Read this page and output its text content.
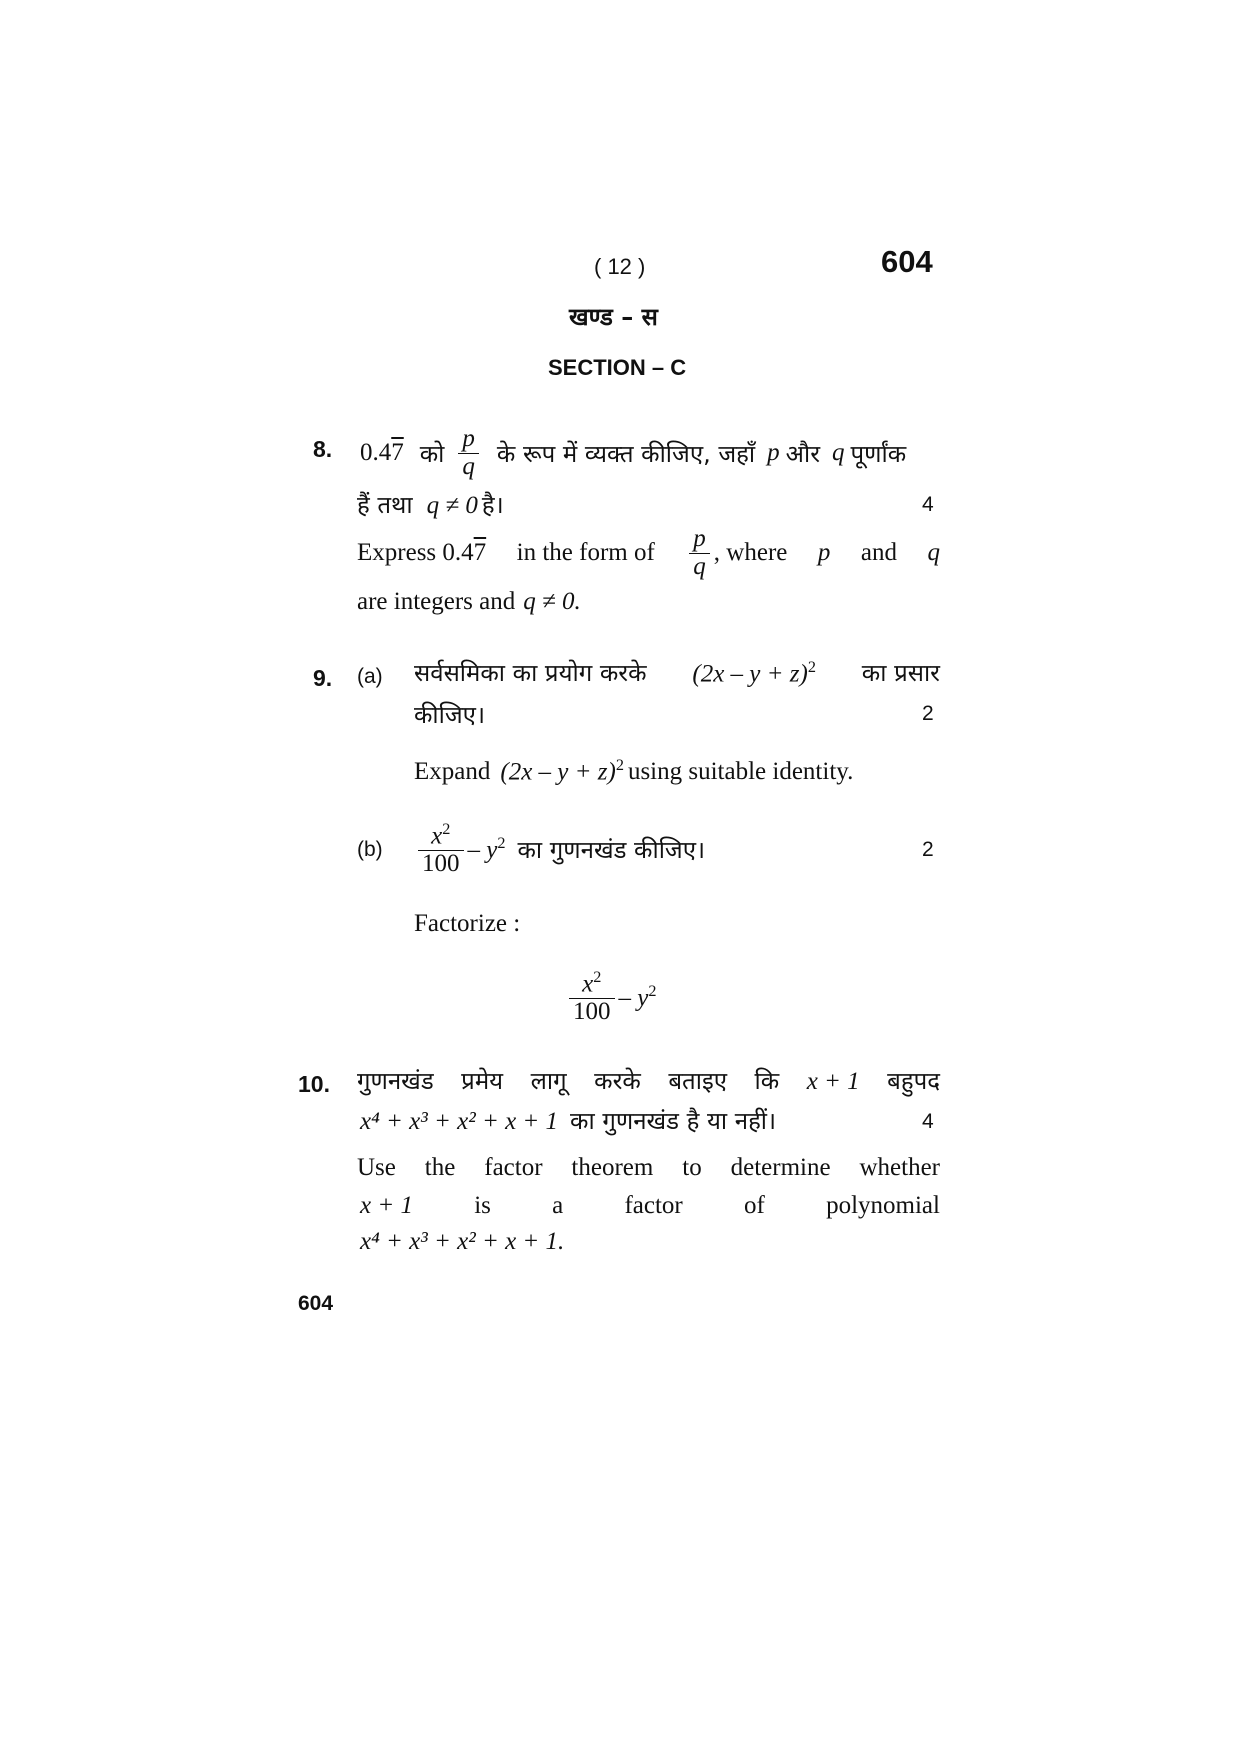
( 12 )	604
खण्ड – स
SECTION – C
8. 0.47 को $\frac{p}{q}$ के रूप में व्यक्त कीजिए, जहाँ p और q पूर्णांक
हैं तथा q ≠ 0 है।	4
Express 0.47 in the form of $\frac{p}{q}$ , where p and q
are integers and q ≠ 0.
9. (a) सर्वसमिका का प्रयोग करके $(2x - y + z)^2$ का प्रसार
कीजिए।	2
Expand $(2x - y + z)^2$ using suitable identity.
$(b) \frac{x^2}{100} - y^2$ का गुणनखंड कीजिए।	2
Factorize :
$\frac{x^2}{100} - y^2$
10. गुणनखंड प्रमेय लागू करके बताइए कि x + 1 बहुपद
x⁴ + x³ + x² + x + 1 का गुणनखंड है या नहीं।	4
Use the factor theorem to determine whether
x + 1 is a factor of polynomial
x⁴ + x³ + x² + x + 1.
604
